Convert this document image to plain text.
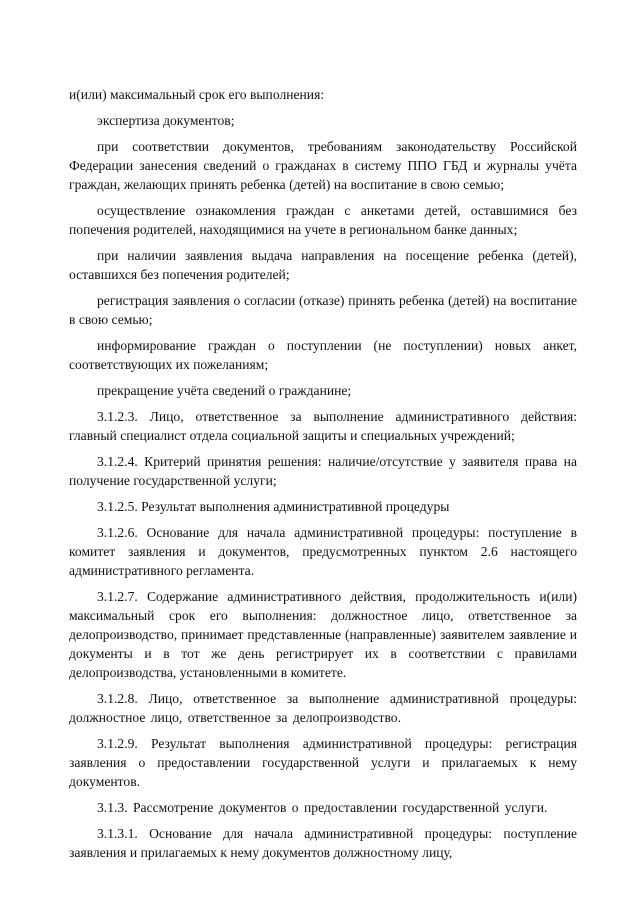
и(или) максимальный срок его выполнения:

экспертиза документов;

при соответствии документов, требованиям законодательству Российской Федерации занесения сведений о гражданах в систему ППО ГБД и журналы учёта граждан, желающих принять ребенка (детей) на воспитание в свою семью;

осуществление ознакомления граждан с анкетами детей, оставшимися без попечения родителей, находящимися на учете в региональном банке данных;

при наличии заявления выдача направления на посещение ребенка (детей), оставшихся без попечения родителей;

регистрация заявления о согласии (отказе) принять ребенка (детей) на воспитание в свою семью;

информирование граждан о поступлении (не поступлении) новых анкет, соответствующих их пожеланиям;

прекращение учёта сведений о гражданине;

3.1.2.3. Лицо, ответственное за выполнение административного действия: главный специалист отдела социальной защиты и специальных учреждений;

3.1.2.4. Критерий принятия решения: наличие/отсутствие у заявителя права на получение государственной услуги;

3.1.2.5. Результат выполнения административной процедуры

3.1.2.6. Основание для начала административной процедуры: поступление в комитет заявления и документов, предусмотренных пунктом 2.6 настоящего административного регламента.

3.1.2.7. Содержание административного действия, продолжительность и(или) максимальный срок его выполнения: должностное лицо, ответственное за делопроизводство, принимает представленные (направленные) заявителем заявление и документы и в тот же день регистрирует их в соответствии с правилами делопроизводства, установленными в комитете.

3.1.2.8. Лицо, ответственное за выполнение административной процедуры: должностное лицо, ответственное за делопроизводство.

3.1.2.9. Результат выполнения административной процедуры: регистрация заявления о предоставлении государственной услуги и прилагаемых к нему документов.

3.1.3. Рассмотрение документов о предоставлении государственной услуги.

3.1.3.1. Основание для начала административной процедуры: поступление заявления и прилагаемых к нему документов должностному лицу,
